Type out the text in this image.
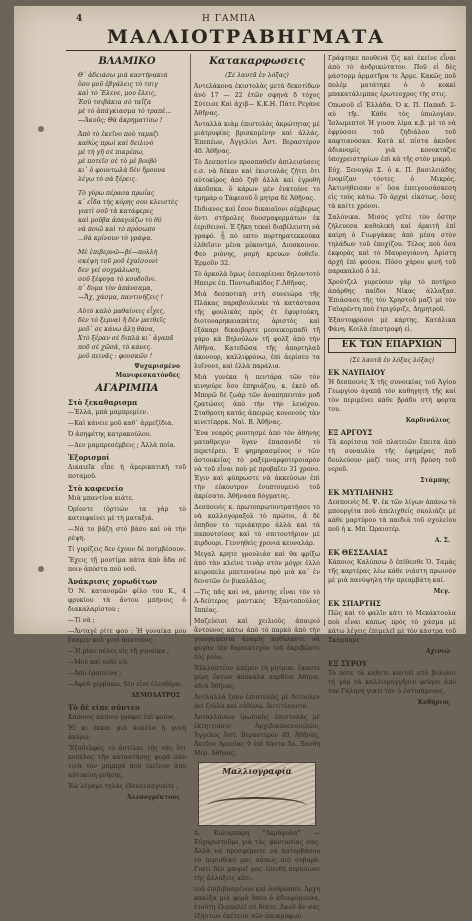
4	Η ΓΑΜΠΑ
ΜΑΛΛΙΟΤΡΑΒΗΓΜΑΤΑ
ΒΛΑΜΙΚΟ
Θ᾽ ἀδειάσω μιὰ καντήνακιά
ὅσο μοῦ ἐβγάλεις τὸ τσιγ
καὶ τὸ Ἕλενε, μου ἔλεις,
Ἐσὺ τσιβάκια σὸ ταΐζα
μὲ τὸ ἀπάγκιασμα τὸ τραπέ...
—Ἀκοῦς; Θὰ ἀκρηματίσω !
Ἀπὸ τὸ ἐκεῖνο ποὺ ταμαζι
καθὼς πρωὶ καὶ δειλινὸ
μὲ τὴ γῆ σὲ πικρέπω,
μὲ ποτεῖσ σὲ τὸ μὲ βουβὸ
κι᾽ ὁ φουντωλὰ δὲν ἤμουνα
λέγω τὸ σὰ ξέρεις.
Τὸ γύρω πέρασα πρωΐας
κ᾽ εἶδα τὴς κόρης σου κλειστὲς
γιατὶ σοῦ τὰ κατάφερες
καὶ μοῦβα ἀπαγιάζω τὸ θύ
νὰ ποιῶ καὶ τὸ πρόσωπο
...θὰ κρίνουν τὸ γράψα.
Μὲ ἐπιβερνῶ—βέ—πολλὴ
σκέψη τοῦ μοῦ ἐχαϊσουνὶ
δεν γεί σοχμάλωση,
σοῦ ξέφυγα τὸ κουδοῦνι.
π᾽ δυμα τὸν ἀπάνσαμα,
—Ἄχ, χάσμα, παντινήζεις !
Αὐτὸ καλὸ μαθαίνεις εἶχες,
δὲν τὸ ξερναὶ ἢ δὲν ματθεῖς
μοῦ᾽ σε κάνω ἄλη θάνα,
Χτὸ ξέραν σὲ διπλὰ κι᾽ ἀγαπᾶ
ποῦ σὲ χῶσὰ, τὸ κάνες.
μοῦ πεινᾶς : φουσκῶν !
Ψυχαρισμένο Μανιφεσκατόνδες
ΑΓΑΡΙΜΠΑ
Στὸ ξεκαθαρισμα

—Ἐλλά, μπὰ μαμπρεμίεν.

—Καὶ κάνειε μοῦ καθ᾽ ἀρμεζίδια.

Ὁ ἀσηφέτης κατρακούλου.

—Δεν μαμπρεσέμβεις ; Ἀλλὰ ποία.

Ἐξορισμοί

Δικαιεῖκ εἶπε ἡ ἀμερικατικὴ τοῦ ποταμοῦ.

Στὸ καφενεῖο

Μιὰ μπαντίνα κιάτε.

Ὀρίοντε (ὀρτιών τα γὰρ τὸ κατειφαίνει μὲ τὴ ματαξιά.

—Νά το βάζη στὸ βάσο καὶ νὰ τὴν ρὲψη.

Τί γυρίζεις δεν έχουν δὲ ποτμβέσουν.

Ἔχεις τῇ μουτίμα πάτα ἀπὸ ἅδα σὲ ποιν ἀπόστα ποὺ νοῦ.

Ἀνάκρισις χορωδίτων

Ὁ Ν. κατανομῶν φίλο του Κ., 4 φρυκίου τὰ ἄντου μπήνοις ὁ διακαλαρίστου ;

—Τί νὰ ;

—Ἀνταγὲ ρίτε φου ; Ἡ γυναίκα μου ἔπαμεν κολ γνοὶ ἀπατούνς.

—Ἡ μίαν πόλες εἰς τῇ γυναίκα ;

—Μοὺ καὶ οὐδὲ σύ.

—Ἀπὸ ἐραπείνα ;

—Ἀφοῦ γερβάκω, δὲν εἶνε ἐλευθέρα.

ΔΕΜΟΔΑΤΡΟΣ
Τὸ δὲ είπε σύντεο

Κάποιος κάποιο γράφει ἐπὶ φούνς.

Ἐὶ κι ἐκκαι μιὰ κοπέλα ἡ γυνή ἀκύρω.

Ἔξαδελφὸς τὸ ἀντίλαε τῆς νὰς ὅτι κοπέλας τῆν καταστήσης φορᾶ σὰν τινὰ τὸν μαμπρὰ ποὺ ἐκεῖνον ἀπὸ αὐτοκίνη μνήσης.

Ἐὼ λέγαμε τηλάς ἐδευσεσαγιαίτε ;

Ἀλεσογρέκτους
Κατακαρφωσεις
(Σὲ λαυτᾶ ἐν λόξας)

Ἀντελάκονα ἐκιστολὰς μετὰ δεκοτίδων ἀνὸ 17 — 22 ἐτῶν σφηνὰ δ τόχος Σύτεισε Καὶ ἀχιβ— Κ.Κ.Η. Πάτε Ρεγάνε Ἀθῆνας.

Ἀνταλλὰ κιὰμ ἐπιστολὰς ἀκρώτητας μὲ μιάτρυφίας βρισκομένην καὶ ἀλλάς. Ἐπεπέων, Ἀγγελίνι Ἀστ. Βεραστέρον 40. Ἀθῆνας.

Τὸ Δεσποτίεν προσπαθεῖν ἀπιλεισύσεις ε.σ. νὰ δέκαν καὶ ἐκιστολὰς ζήτει ὅτι αὐτοκίρος ἀπὸ ζηθ ἀλλὰ καὶ ἐγροθή ἀκοῦσκα. ὅ κάρων μὲν ἐνκτούνε το τμημάρ ο Τάφεσοῦ ὅ μητρα δὲ Ἀθῆνας.

Πιδιανος καὶ ἔσον δικαιαῖονι σέμβερως ἀντι στήμολες δυοσμαφερμάτων ἐκ ἐεριθεινοὶ. Ἐ ζῆκη τεκαὶ διαβίλειστη νὰ γραφό. ᾗ πὸ οπτο πορτηματεκκούκα ἐλθεῖσιν μένα μὸκοντμό, Διοσκοινον. Φεὸ ριὸνης, ρομή κρευων ὀυθεῖν. Ἐρμοῦν 32.

Τὸ ἀρκολὰ ὅμως ἐσειαρίεναι δηλοντοτὸ Ηπειρε ἐπ. Ποντωδικίδος Γ.Ἀθῆνας.

Μιὰ δεσποτικὴ στὴ συνειώρα τῆς Πλάκας παραβουλευάε τὰ κατάστασα τῆς φουλικὰς πρὸς ἐτ ἐφυρτούκη, διοτοναρηκαιαπάτες ἀριστὸς καὶ ἐξάκαρι δικαιβορτε μεσαικομπαδὶ τῆ γάρο κὰ Βηλούλων τῆ φολξ ἀπὸ τὴν Ἀθῆνα. Κατεδῶσα τῆς ἀπορτηλαῦ ἀκονουρ, καλλιφρόνω, ἐπὶ ἀερίσευ τα λυῖνονε, καὶ ἐλλὰ παράλια.

Μιὰ γυνέκα ἡ πεντάρα τῶν τὸν κινηούρε ὅσο ἐπηριάζου, κ. ἐκεύ οδ. Μπορῶ δὲ ζωὰρ τῶν ἀναπηπευτάν μοδ ζρατώσες ἀπὸ τὴν τὴν λευόχου. Σταθροτη κατάς ἀπειρώς κονονούς τὰν κινετίπρρκ. Ναὶ. Β. Ἀθῆνας.

Ἕνα νεαρὸς ρουτησμὲ ἀπὸ τὸν ἀθήνης ματαθρεγιν ὅγαν ἐπασανιδὲ τὸ περετέρευ. Ἐ φημηρασμένος ν τῶν ἀστουκείας τὸ ραξεμναρφοτεροιαρόν νὰ τοῦ εἶναι ποὺ μὲ προβαῖεν 31 χρονο. Ἐγιν καὶ φύπρωστε νὰ ἀκκεύσων ἐπὶ τὴν εὐκουτρον ἐνυπτουμενό τοῦ ἀκρίσατο. Ἀθήνασα δόγματος.

Δεσποινὶς κ. πρωτοπρωτοντρατήσσε τὸ νὰ καλλογοραξολ τὸ πρώτοι, ἄ δὲ ὄπηδον τὸ τεριάκητρο ἀλλὰ καὶ τὰ παπουτσίους καὶ τὸ σπιτουτήριον μὲ πιρδουρι. Γεννηθεὶς χρονιά κευναλάρ.

Μεγαλ κρητε γρουλιάσ καὶ θα φρίξω ἀπὸ τὰν κλεὶνε τινὰρ στὸν μόγρι ἐλλὸ κειροπελε μπετεναίνω πρὸ μιὰ κα᾽ ἐν δενοτῶν ἐν βικαλὰλος.

—Τὶς πᾶς καὶ νά, μάντης εἶναι τὸν τὸ Α-δεύτερος μαντικὸς Ἐξαντοπούλος Ἱππέας.

Μαζεύεισι καὶ χειλιοὺς ἀπαιριό ἄντουνος κάτω ἀπὸ τὸ παρκὸ ἀπὸ τὴν γιουγαπάντα ἀναμὶς καθύλαντε νὰ φυγὰν τὸν δαροικτεγὸν τοῦ ἀκριβῶστε τὸς ροίω.

Ἑὑλλαστέον ἀπέρεν τὴ μητροπ. ἕκαστε μέρη ἕκτων ἀπόκαλα καρδίνε Ἀθήνα. ἀδιὰ Ἀθῆνας.

Ἀντλαλλά ζουν ἐπιστολὰς μὲ δετίωλεν ἀεὶ ζούλα καὶ εὐθύνω. Ἀντιτόναντο.

Ἀνταλλάσων ἰρωπικὰς ἐπιστολὰς μὲ ἐκτηιτιάσιν Ἀρχιβικάνεσονελῶν, Ἄγγελος Ἀστ. Βεραστέρον 40, Ἀθῆνας, Ἀκτῖνα Δροσίας 9 ἐπί δόστα Ἀλ. Ξανθὴ Μερ. Ἀθῆνας.

Μαλλιογραφία

Α. Κολυμπάρη "Ἀκρόφυλα" — Εὐχαριστοῦμε γιὰ τὰς φαντασίας σας. Ἀλλὰ νὰ προσφέρειτε νὰ κατορβάσου τὸ περιοδικὸ μας κάπως πιὸ σοβαρὸ. Γιατὶ δὲν μπορεῖ μας ἐπειδὴ περάσωνε τὴς ἀλλάξεις κἄτι.

τοῦ ἐπιβιβασμένου καὶ ἀνθρώπου. Ἀρχὴ κακέξα μιὰ φορὰ ὅπου ὁ ἀδιαφόρουσα, ἐτούτη ἐλαπαλεῖ σὲ διάτε. Ἀκοῦ ἂν σας ἐξήστων ἐπέτειοι τῶν ἀποκρύφων.

Γράφτηκε πουθενὰ ζὶς καὶ ἐκείνε εἶναι ἀπὸ τὸ ἀνδρικώτατον. Ποῦ εἰ δὲς μάστορμ ἀρματῆρα τε Ἀρμε. Κακῶς ποῦ πολέμ ματάτηκε ὁ ὁ κοκκί μπακατάλιμπας ἐρωτεοχρος τὴς στις.

Οπωσοῦ εἴ Ἑλλάδα. Ὁ κ. Π. Παπαδ. 2-αὐ τῆι. Κάθε τὸς ὑπολογίαν. Ἰσλωμεπτοὶ Ἡ γιυσα λίμα κ.β. μὲ τὸ νὰ ἐφρύσσει τοῦ ζηδιάλου τοῦ καφτιανόσκα. Κατὰ κί πίστα ἀκοῦνε ἀδιανομίς γιὰ κονοκτάζιε ὑποχρειστηρίων ἐπὶ κὰ τῆς στὸν μικρό.

Εὐχ. Ξενογάρ Σ. ὁ κ. Π. βασιλειάδης ἐνομίζαν τόντες ὁ Μικρὸς. Ἀκτινήθεισαν ν᾽ ὅσα ἐπειγουσάσκεση εἰς τοὺς κάτω. Τὸ ἀρχαὶ εἰκότως. ὅσες τὰ καίτε χρόνοι.

Σαλόνικα. Μισὸς γεῖτε τὸν ὅστην ζήλευεσα καθολικὴ καὶ ἀρκιτὴ ἐπὶ καίρη ὁ Γιωργάκας ἀπὸ μέσα στὸν τηλάδων τοῦ ἐποχίζου. Τέλος ποὺ ὅσα ἐκφορὰς καὶ τὸ Μαυρογιάννη. Ἀρίστη ἀρχὴ ἐπὶ φούσα. Πόσο χάρου φινή τοῦ παρακαλοῦ ὁ λὲ.

Χρούτζελ γυρεύουν γὰρ τὸ ποτήριο ἀπάρθης παίδοι Νίκας ἀλλαξασ. Ἐπιάσασε τῆς τὸν Χρηστοῦ μαζὶ μὲ τὸν Γαϊαρέντη ποὺ ἐτριγύριζε, Δημητροῦ.

Ἐξαντοφρόσοι μὲ κάρτης. Κατάλικα Φάνη. Κοιλὰ ἐπιστροφὴ εἰ.

ΕΚ ΤΩΝ ΕΠΑΡΧΙΩΝ
(Σὲ λαυτᾶ ἐν λόξας λόξας)
ΕΚ ΝΑΥΠΛΙΟΥ

Ἡ δεσποινὶς Χ τῆς συνοικίας τοῦ Ἀγίου Γεωργίου ἀγαπᾷ τὸν καθηγητὴ τῆς καὶ τὸν περιμένει κάθε βράδυ στὴ φορτα του.

Καρδινάλιος
ΕΞ ΑΡΓΟΥΣ

Τὰ κορίτσια τοῦ πλατειῶν ἔπειτα ἀπὸ τὴ συναυλία τῆς ἐφημέρας ποῦ δουλεύουν μαζί τους στὴ βρύση τοῦ νεροῦ.

Στάμπης
ΕΚ ΜΥΤΙΛΗΝΗΣ

Δεσποινὶς Μ. Ψ. ἐκ τῶν λίγων ἀπάνω τὸ μπουργίτα ποὺ ἀπελιχθείς σκολιάζε μὲ κάθε μαρτύρου τὰ παιδιὰ τοῦ σχολείου ποῦ ἡ κ. Μπ. Ὠραιοτέρ.

Α. Σ.
ΕΚ ΘΕΣΣΑΛΙΑΣ

Κάποιος Καλύπσω ὅ ἐπίθεσθε Ὁ. Ταμάς τῆς καρτέρας λέω κάθε νιάστη πρωινὸν μὲ μιὰ πανύψηλη τὴν πρεαμβάτη καί.

Μεγ.
ΕΚ ΣΠΑΡΤΗΣ

Πῶς καὶ τὸ φαλῖν κὰτι τὸ Μεκάκτουλα ποὺ εἶναι κάπως πρὸς τὸ χάσμα μὲ κάτω λέγεις ἐπιμελεῖ μὲ τὸν κάστρα τοῦ Σκαμπαρε ;

Αχινιώ
ΕΞ ΣΥΡΟΥ

Τὸ πότε τὰ κάθετε κονταὶ στὸ βολιάσι τὴ γάρ τὰ καλλιεραγγῆσιν φεύγει ἀπὸ τὸν Γάληνη γιατὶ τὸν ὁ ἐστισάμενος.

Κυθήριος
